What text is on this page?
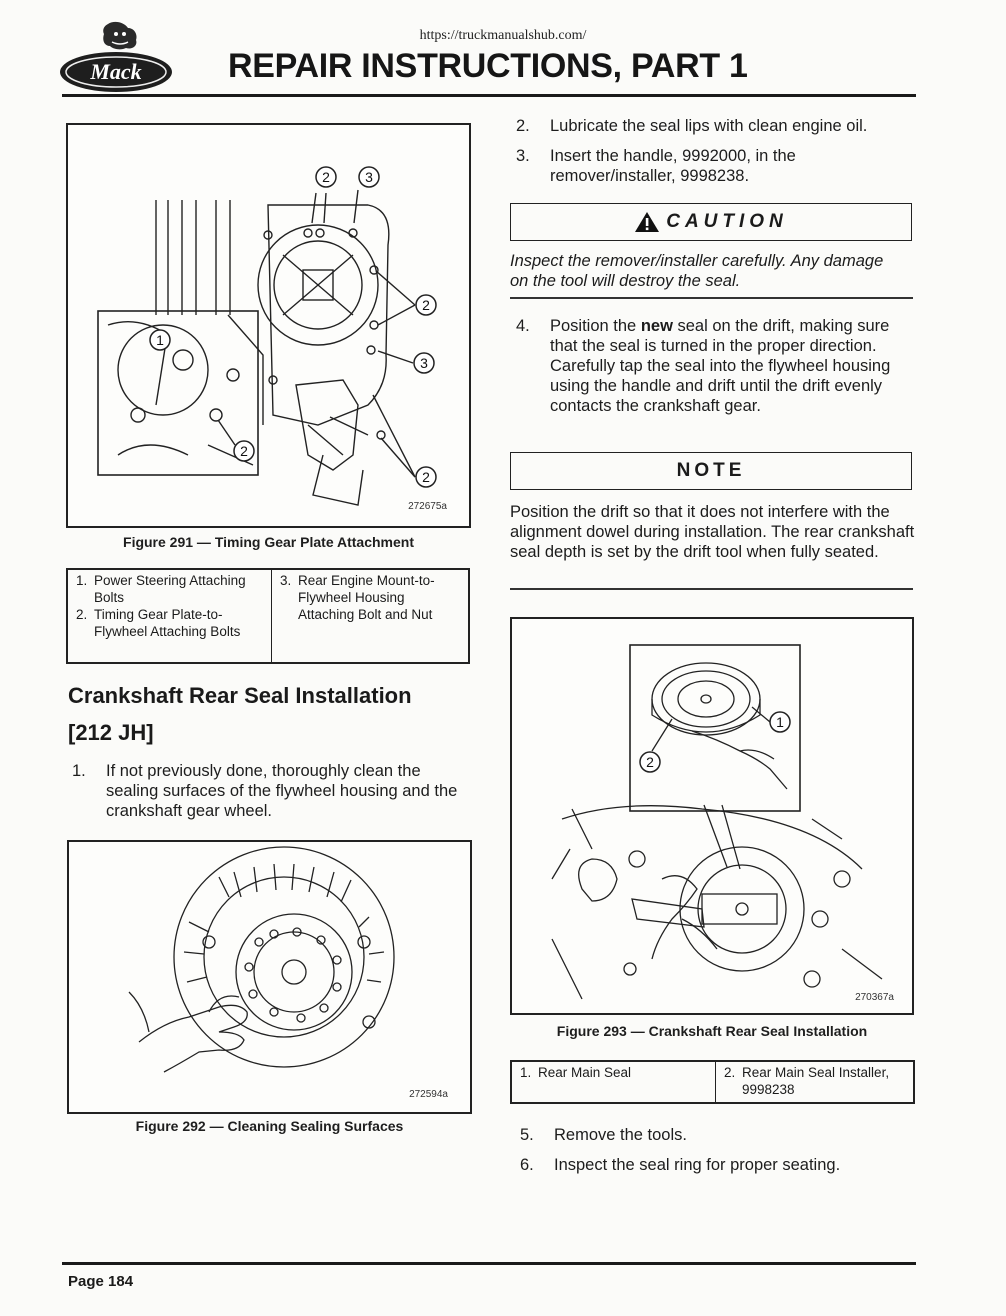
https://truckmanualshub.com/
Mack	REPAIR INSTRUCTIONS, PART 1
2	3
2
3
2
1
2
272675a
Figure 291 — Timing Gear Plate Attachment
1. Power Steering Attaching Bolts
2. Timing Gear Plate-to-Flywheel Attaching Bolts
3. Rear Engine Mount-to-Flywheel Housing Attaching Bolt and Nut
Crankshaft Rear Seal Installation
[212 JH]
1.	If not previously done, thoroughly clean the sealing surfaces of the flywheel housing and the crankshaft gear wheel.
272594a
Figure 292 — Cleaning Sealing Surfaces
2.	Lubricate the seal lips with clean engine oil.
3.	Insert the handle, 9992000, in the remover/installer, 9998238.
CAUTION
Inspect the remover/installer carefully. Any damage on the tool will destroy the seal.
4.	Position the new seal on the drift, making sure that the seal is turned in the proper direction. Carefully tap the seal into the flywheel housing using the handle and drift until the drift evenly contacts the crankshaft gear.
NOTE
Position the drift so that it does not interfere with the alignment dowel during installation. The rear crankshaft seal depth is set by the drift tool when fully seated.
1
2
270367a
Figure 293 — Crankshaft Rear Seal Installation
1. Rear Main Seal	2. Rear Main Seal Installer, 9998238
5.	Remove the tools.
6.	Inspect the seal ring for proper seating.
Page 184
